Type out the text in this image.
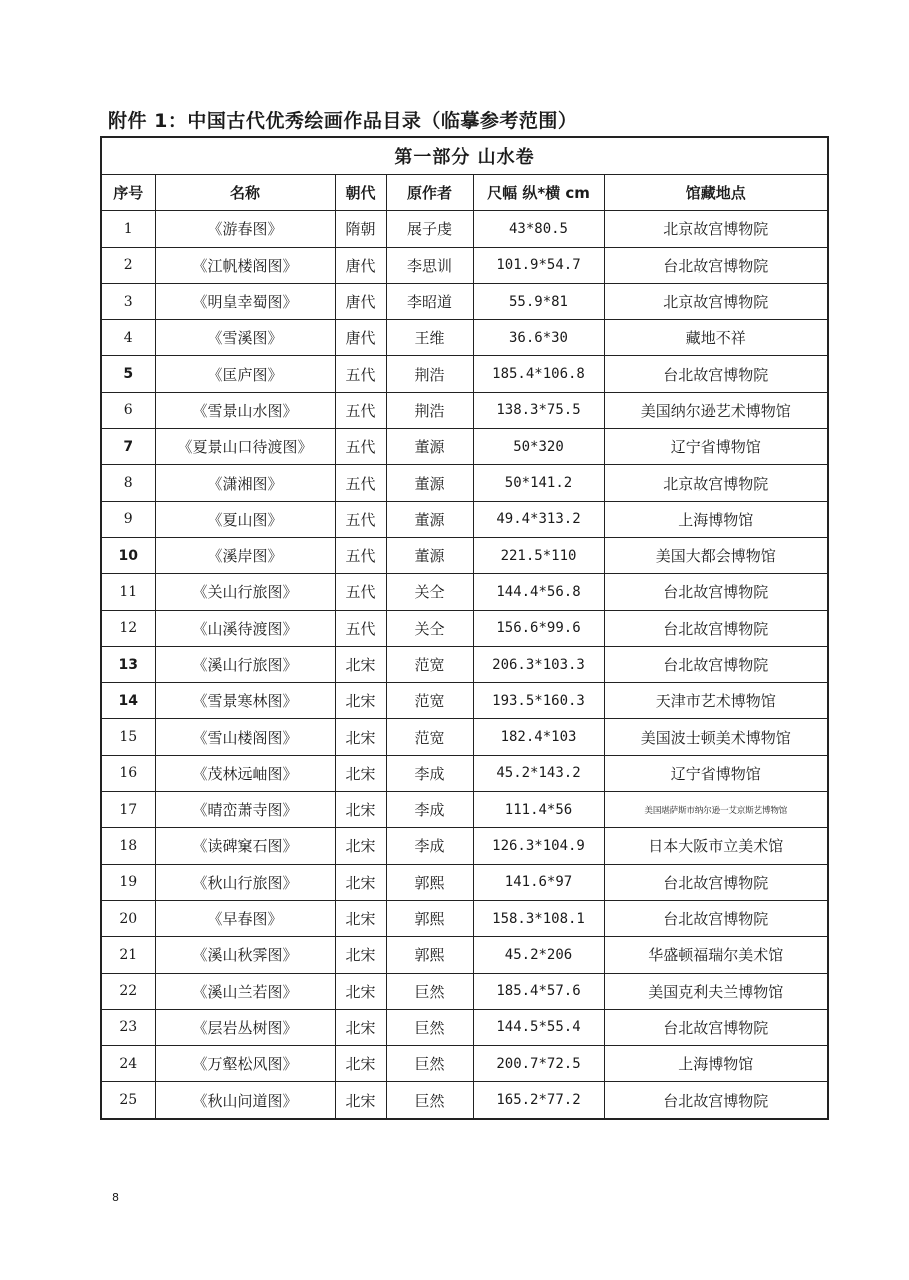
附件 1：中国古代优秀绘画作品目录（临摹参考范围）
第一部分 山水卷					
序号	名称	朝代	原作者	尺幅 纵*横 cm	馆藏地点
1	《游春图》	隋朝	展子虔	43*80.5	北京故宫博物院
2	《江帆楼阁图》	唐代	李思训	101.9*54.7	台北故宫博物院
3	《明皇幸蜀图》	唐代	李昭道	55.9*81	北京故宫博物院
4	《雪溪图》	唐代	王维	36.6*30	藏地不祥
5	《匡庐图》	五代	荆浩	185.4*106.8	台北故宫博物院
6	《雪景山水图》	五代	荆浩	138.3*75.5	美国纳尔逊艺术博物馆
7	《夏景山口待渡图》	五代	董源	50*320	辽宁省博物馆
8	《潇湘图》	五代	董源	50*141.2	北京故宫博物院
9	《夏山图》	五代	董源	49.4*313.2	上海博物馆
10	《溪岸图》	五代	董源	221.5*110	美国大都会博物馆
11	《关山行旅图》	五代	关仝	144.4*56.8	台北故宫博物院
12	《山溪待渡图》	五代	关仝	156.6*99.6	台北故宫博物院
13	《溪山行旅图》	北宋	范宽	206.3*103.3	台北故宫博物院
14	《雪景寒林图》	北宋	范宽	193.5*160.3	天津市艺术博物馆
15	《雪山楼阁图》	北宋	范宽	182.4*103	美国波士顿美术博物馆
16	《茂林远岫图》	北宋	李成	45.2*143.2	辽宁省博物馆
17	《晴峦萧寺图》	北宋	李成	111.4*56	美国堪萨斯市纳尔逊一艾京斯艺博物馆
18	《读碑窠石图》	北宋	李成	126.3*104.9	日本大阪市立美术馆
19	《秋山行旅图》	北宋	郭熙	141.6*97	台北故宫博物院
20	《早春图》	北宋	郭熙	158.3*108.1	台北故宫博物院
21	《溪山秋霁图》	北宋	郭熙	45.2*206	华盛顿福瑞尔美术馆
22	《溪山兰若图》	北宋	巨然	185.4*57.6	美国克利夫兰博物馆
23	《层岩丛树图》	北宋	巨然	144.5*55.4	台北故宫博物院
24	《万壑松风图》	北宋	巨然	200.7*72.5	上海博物馆
25	《秋山问道图》	北宋	巨然	165.2*77.2	台北故宫博物院
8
